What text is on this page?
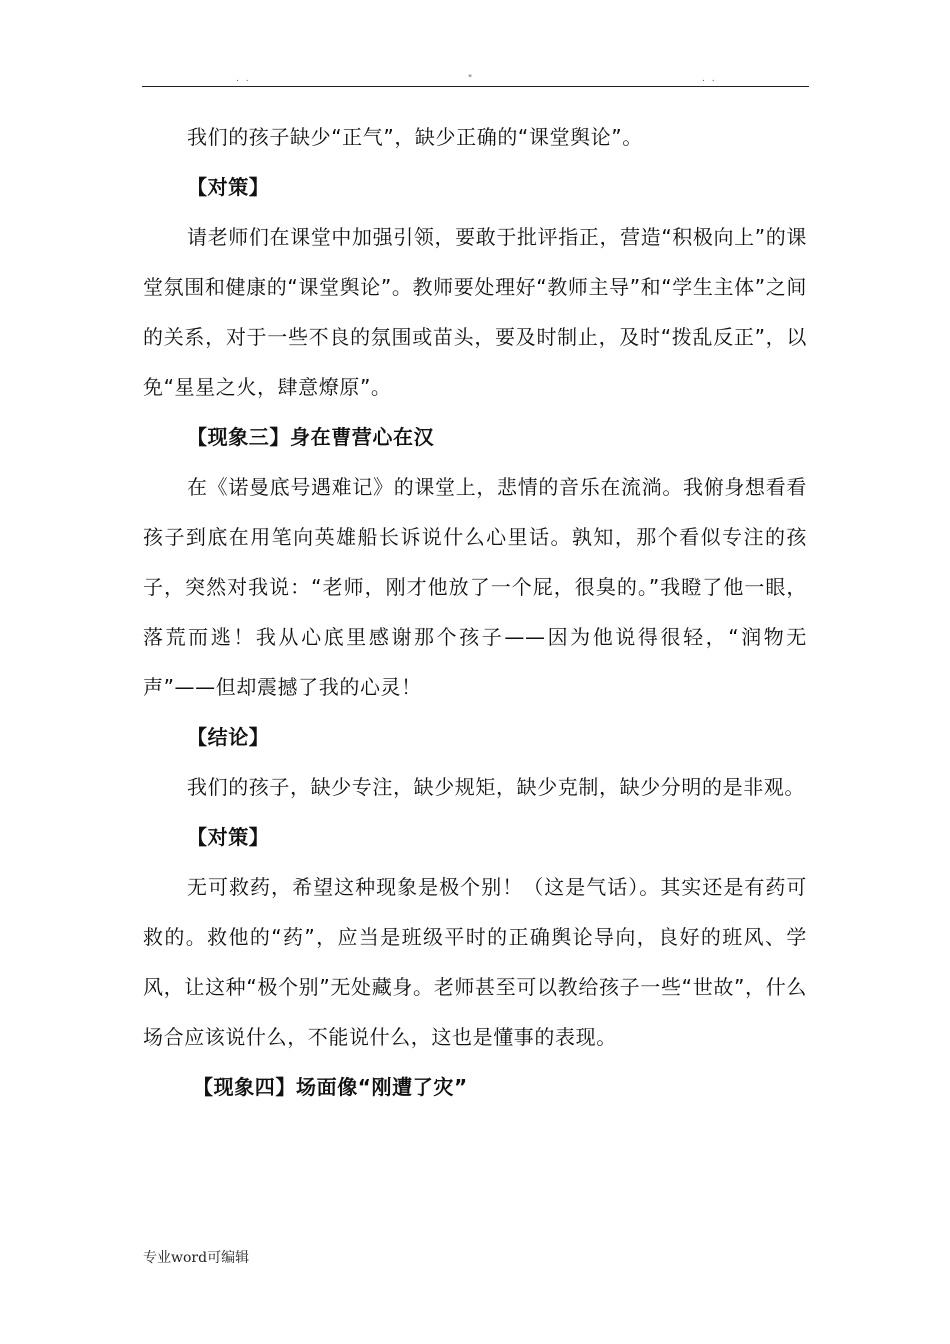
. .	"	. .

我们的孩子缺少“正气”，缺少正确的“课堂舆论”。

【对策】

请老师们在课堂中加强引领，要敢于批评指正，营造“积极向上”的课堂氛围和健康的“课堂舆论”。教师要处理好“教师主导”和“学生主体”之间的关系，对于一些不良的氛围或苗头，要及时制止，及时“拨乱反正”，以免“星星之火，肆意燎原”。

【现象三】身在曹营心在汉

在《诺曼底号遇难记》的课堂上，悲情的音乐在流淌。我俯身想看看孩子到底在用笔向英雄船长诉说什么心里话。孰知，那个看似专注的孩子，突然对我说：“老师，刚才他放了一个屁，很臭的。”我瞪了他一眼，落荒而逃！我从心底里感谢那个孩子——因为他说得很轻，“润物无声”——但却震撼了我的心灵！

【结论】

我们的孩子，缺少专注，缺少规矩，缺少克制，缺少分明的是非观。

【对策】

无可救药，希望这种现象是极个别！（这是气话）。其实还是有药可救的。救他的“药”，应当是班级平时的正确舆论导向，良好的班风、学风，让这种“极个别”无处藏身。老师甚至可以教给孩子一些“世故”，什么场合应该说什么，不能说什么，这也是懂事的表现。

【现象四】场面像“刚遭了灾”

专业word可编辑
